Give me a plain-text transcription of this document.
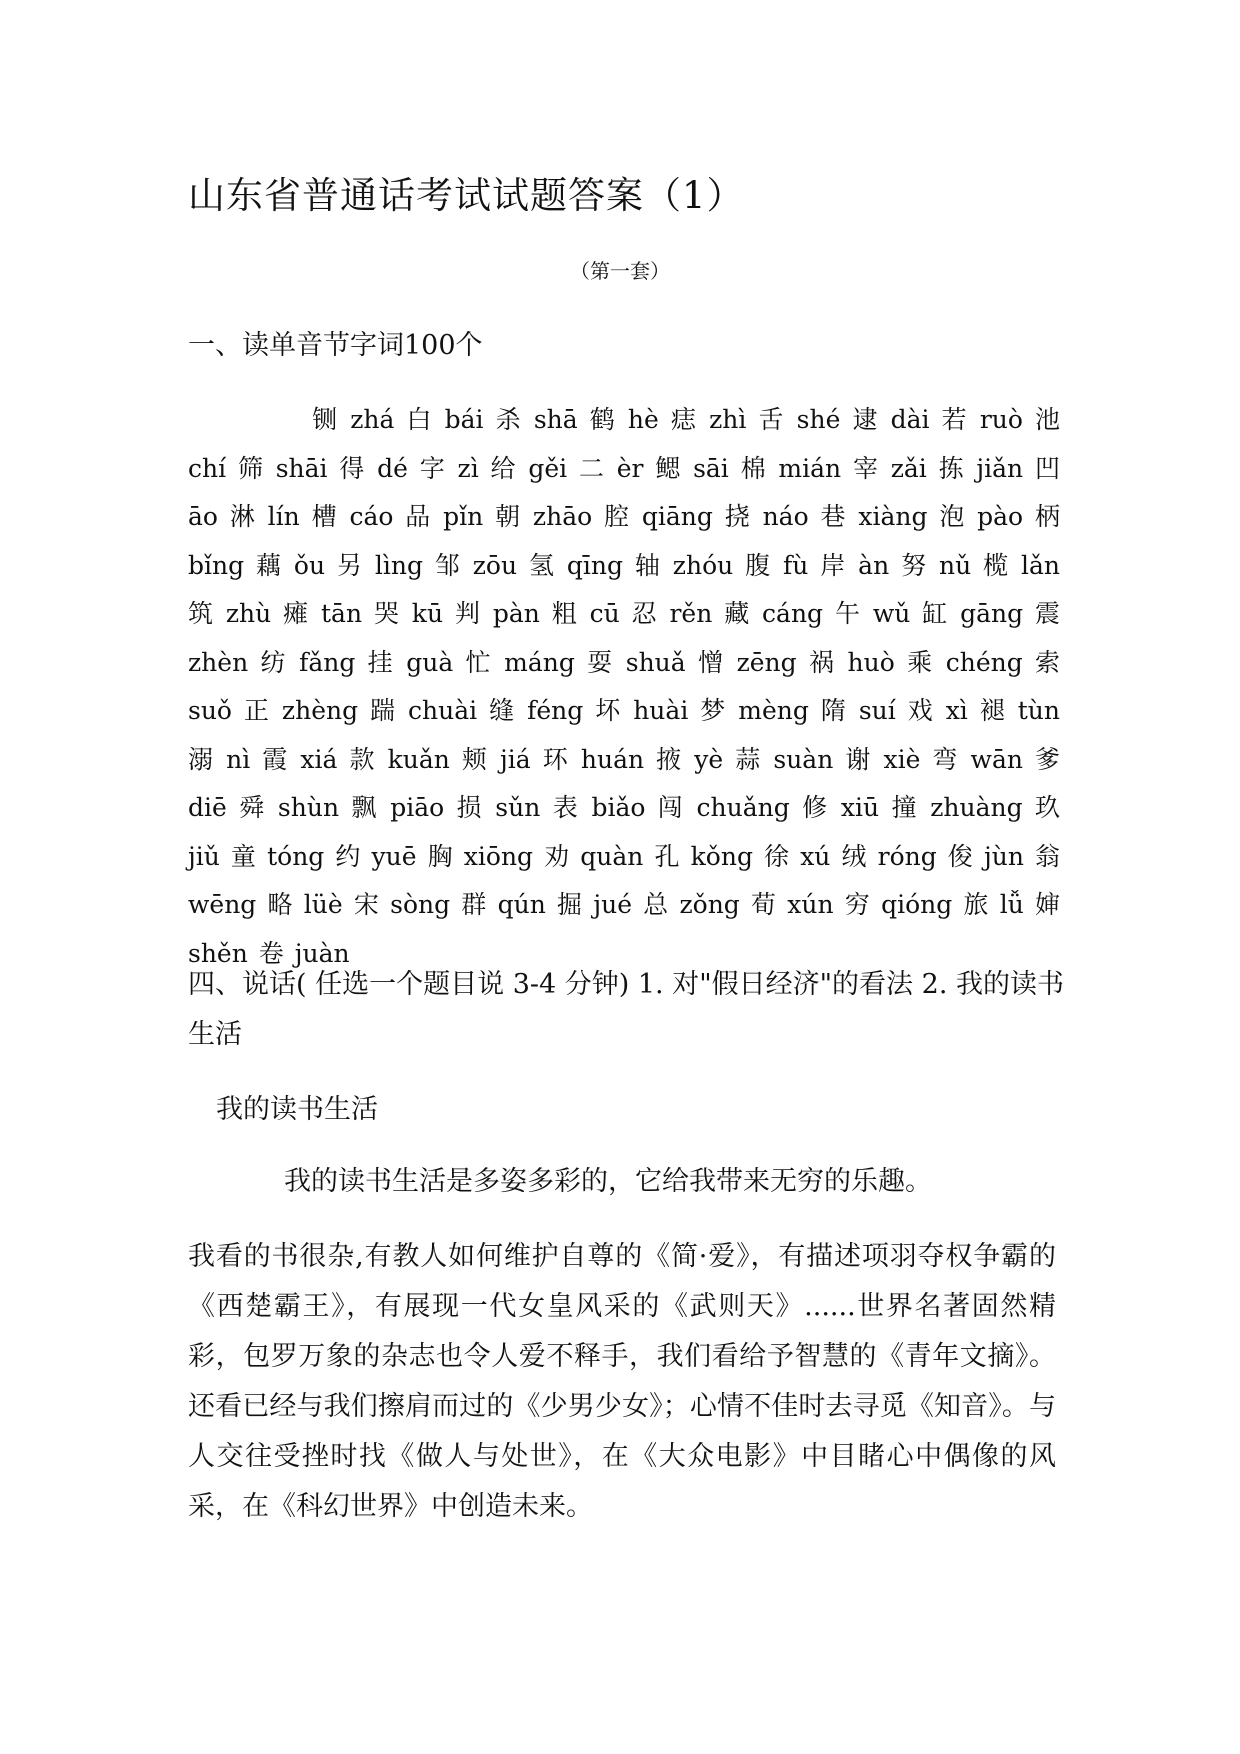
山东省普通话考试试题答案（1）
（第一套）
一、读单音节字词100个

铡 zhá 白 bái 杀 shā 鹤 hè 痣 zhì 舌 shé 逮 dài 若 ruò 池 chí 筛 shāi 得 dé 字 zì 给 gěi 二 èr 鳃 sāi 棉 mián 宰 zǎi 拣 jiǎn 凹 āo 淋 lín 槽 cáo 品 pǐn 朝 zhāo 腔 qiāng 挠 náo 巷 xiàng 泡 pào 柄 bǐng 藕 ǒu 另 lìng 邹 zōu 氢 qīng 轴 zhóu 腹 fù 岸 àn 努 nǔ 榄 lǎn 筑 zhù 瘫 tān 哭 kū 判 pàn 粗 cū 忍 rěn 藏 cáng 午 wǔ 缸 gāng 震 zhèn 纺 fǎng 挂 guà 忙 máng 耍 shuǎ 憎 zēng 祸 huò 乘 chéng 索 suǒ 正 zhèng 踹 chuài 缝 féng 坏 huài 梦 mèng 隋 suí 戏 xì 褪 tùn 溺 nì 霞 xiá 款 kuǎn 颊 jiá 环 huán 掖 yè 蒜 suàn 谢 xiè 弯 wān 爹 diē 舜 shùn 飘 piāo 损 sǔn 表 biǎo 闯 chuǎng 修 xiū 撞 zhuàng 玖 jiǔ 童 tóng 约 yuē 胸 xiōng 劝 quàn 孔 kǒng 徐 xú 绒 róng 俊 jùn 翁 wēng 略 lüè 宋 sòng 群 qún 掘 jué 总 zǒng 荀 xún 穷 qióng 旅 lǚ 婶 shěn 卷 juàn

四、说话( 任选一个题目说 3-4 分钟) 1. 对"假日经济"的看法 2. 我的读书生活

我的读书生活

我的读书生活是多姿多彩的，它给我带来无穷的乐趣。

我看的书很杂,有教人如何维护自尊的《简·爱》，有描述项羽夺权争霸的《西楚霸王》，有展现一代女皇风采的《武则天》......世界名著固然精彩，包罗万象的杂志也令人爱不释手，我们看给予智慧的《青年文摘》。还看已经与我们擦肩而过的《少男少女》；心情不佳时去寻觅《知音》。与人交往受挫时找《做人与处世》，在《大众电影》中目睹心中偶像的风采，在《科幻世界》中创造未来。
